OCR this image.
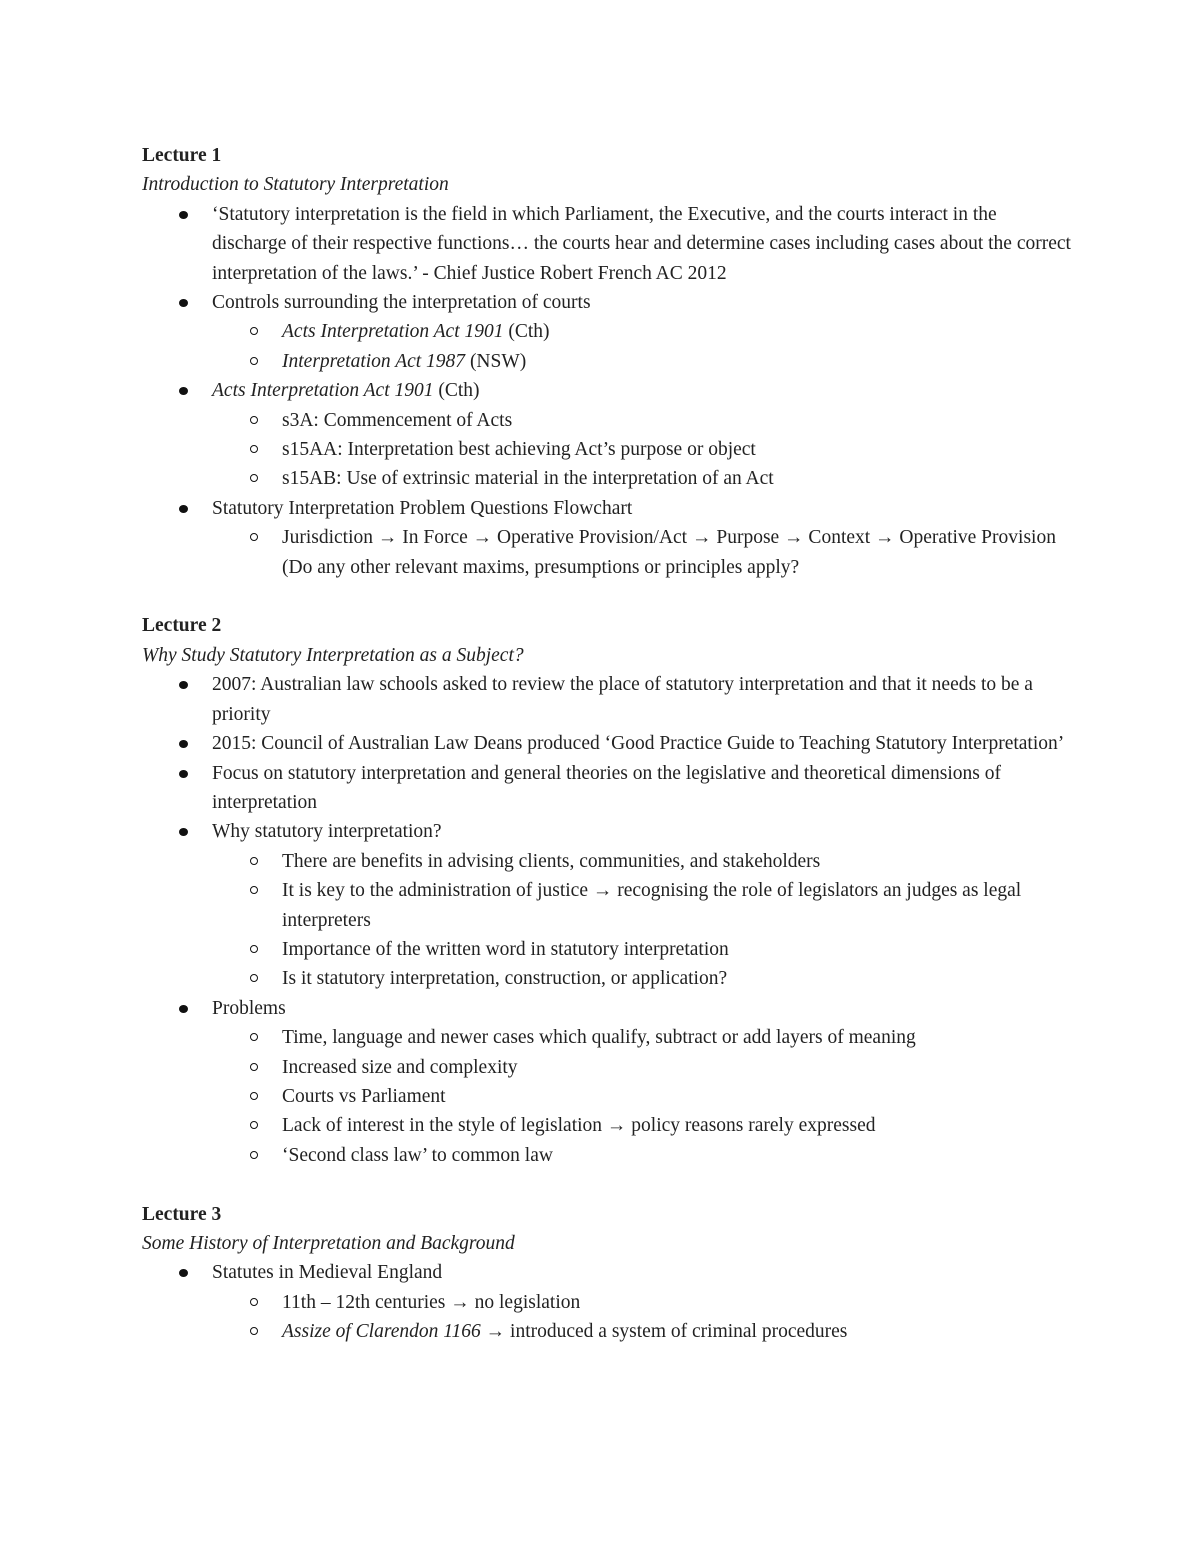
Lecture 1
Introduction to Statutory Interpretation
‘Statutory interpretation is the field in which Parliament, the Executive, and the courts interact in the discharge of their respective functions… the courts hear and determine cases including cases about the correct interpretation of the laws.’ - Chief Justice Robert French AC 2012
Controls surrounding the interpretation of courts
Acts Interpretation Act 1901 (Cth)
Interpretation Act 1987 (NSW)
Acts Interpretation Act 1901 (Cth)
s3A: Commencement of Acts
s15AA: Interpretation best achieving Act’s purpose or object
s15AB: Use of extrinsic material in the interpretation of an Act
Statutory Interpretation Problem Questions Flowchart
Jurisdiction → In Force → Operative Provision/Act → Purpose → Context → Operative Provision (Do any other relevant maxims, presumptions or principles apply?
Lecture 2
Why Study Statutory Interpretation as a Subject?
2007: Australian law schools asked to review the place of statutory interpretation and that it needs to be a priority
2015: Council of Australian Law Deans produced ‘Good Practice Guide to Teaching Statutory Interpretation’
Focus on statutory interpretation and general theories on the legislative and theoretical dimensions of interpretation
Why statutory interpretation?
There are benefits in advising clients, communities, and stakeholders
It is key to the administration of justice → recognising the role of legislators an judges as legal interpreters
Importance of the written word in statutory interpretation
Is it statutory interpretation, construction, or application?
Problems
Time, language and newer cases which qualify, subtract or add layers of meaning
Increased size and complexity
Courts vs Parliament
Lack of interest in the style of legislation → policy reasons rarely expressed
‘Second class law’ to common law
Lecture 3
Some History of Interpretation and Background
Statutes in Medieval England
11th – 12th centuries → no legislation
Assize of Clarendon 1166 → introduced a system of criminal procedures
